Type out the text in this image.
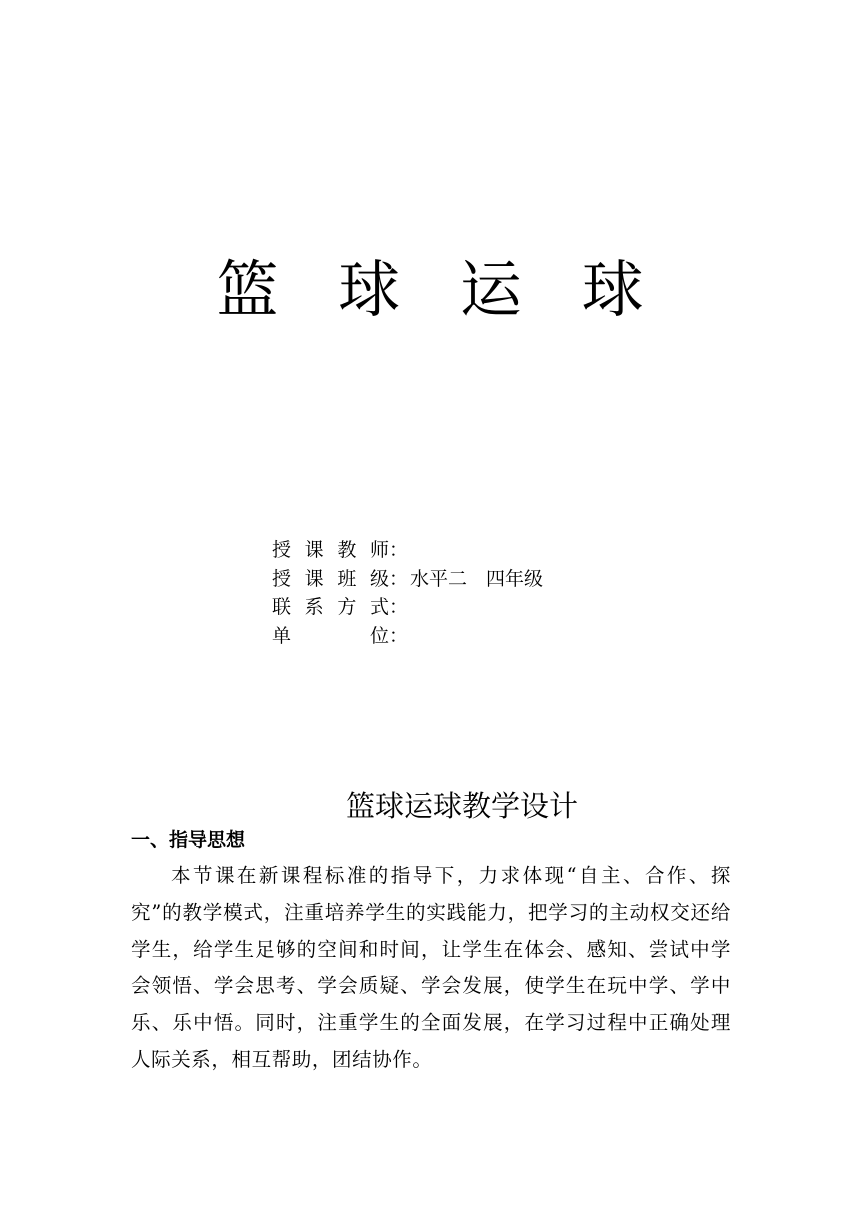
篮 球 运 球
授 课 教 师：
授 课 班 级： 水平二　四年级
联 系 方 式：
单	位：
篮球运球教学设计
一、指导思想
本节课在新课程标准的指导下，力求体现“自主、合作、探究”的教学模式，注重培养学生的实践能力，把学习的主动权交还给学生，给学生足够的空间和时间，让学生在体会、感知、尝试中学会领悟、学会思考、学会质疑、学会发展，使学生在玩中学、学中乐、乐中悟。同时，注重学生的全面发展，在学习过程中正确处理人际关系，相互帮助，团结协作。
